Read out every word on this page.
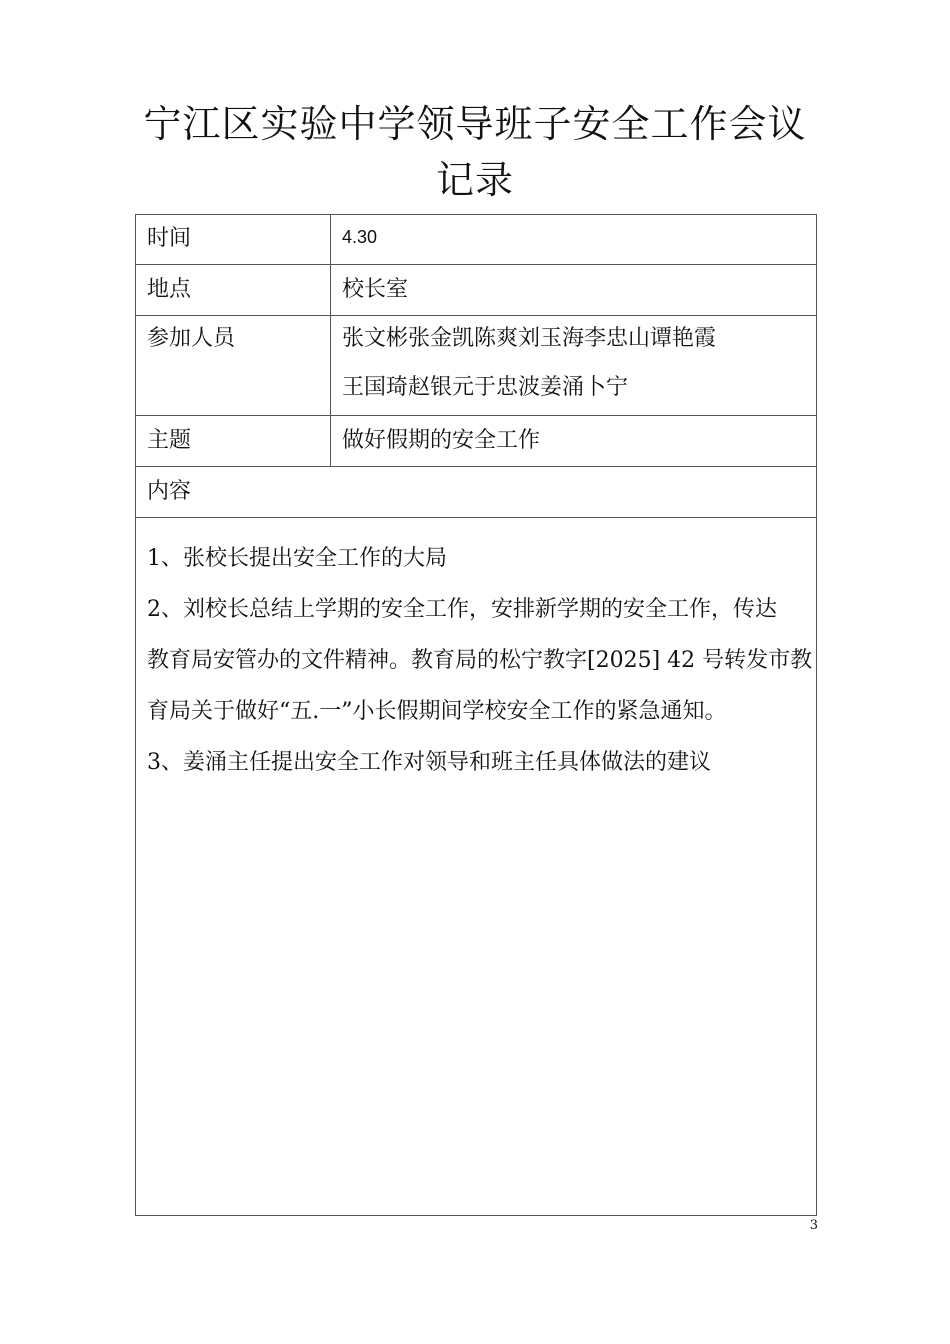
宁江区实验中学领导班子安全工作会议
记录
时间	4.30
地点	校长室
参加人员	张文彬张金凯陈爽刘玉海李忠山谭艳霞
王国琦赵银元于忠波姜涌卜宁
主题	做好假期的安全工作
内容

1、张校长提出安全工作的大局

2、刘校长总结上学期的安全工作，安排新学期的安全工作，传达

教育局安管办的文件精神。教育局的松宁教字[2025] 42 号转发市教

育局关于做好“五.一”小长假期间学校安全工作的紧急通知。

3、姜涌主任提出安全工作对领导和班主任具体做法的建议

3
